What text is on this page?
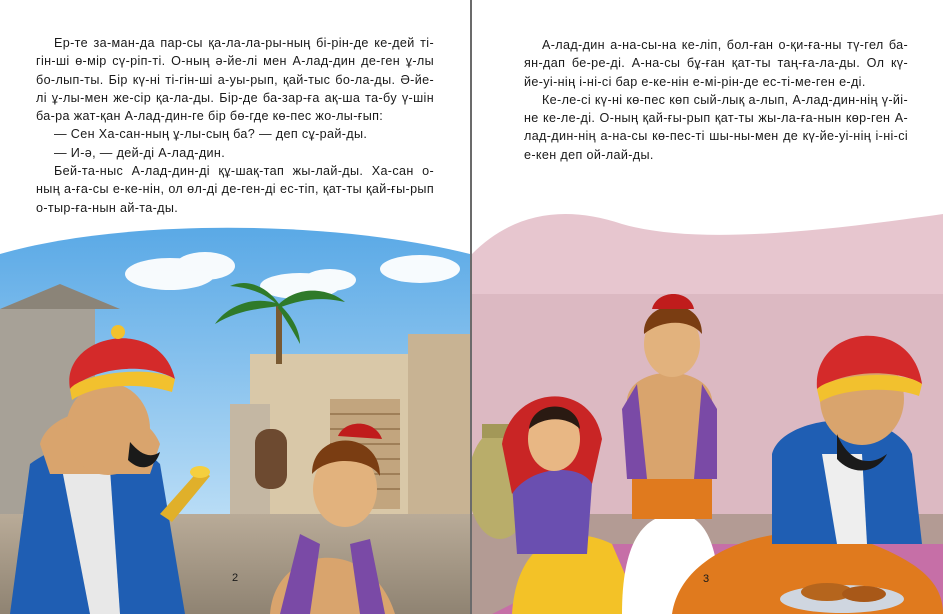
Ер-те за-ман-да пар-сы қа-ла-ла-ры-ның бі-рін-де ке-дей ті-гін-ші ө-мір сү-ріп-ті. О-ның ә-йе-лі мен А-лад-дин де-ген ұ-лы бо-лып-ты. Бір кү-ні ті-гін-ші а-уы-рып, қай-тыс бо-ла-ды. Ә-йе-лі ұ-лы-мен же-сір қа-ла-ды. Бір-де ба-зар-ға ақ-ша та-бу ү-шін ба-ра жат-қан А-лад-дин-ге бір бө-где кө-пес жо-лы-ғып:

— Сен Ха-сан-ның ұ-лы-сың ба? — деп сұ-рай-ды.

— И-ә, — дей-ді А-лад-дин.

Бей-та-ныс А-лад-дин-ді құ-шақ-тап жы-лай-ды. Ха-сан о-ның а-ға-сы е-ке-нін, ол өл-ді де-ген-ді ес-тіп, қат-ты қай-ғы-рып о-тыр-ға-нын ай-та-ды.

2

А-лад-дин а-на-сы-на ке-ліп, бол-ған о-қи-ға-ны тү-гел ба-ян-дап бе-ре-ді. А-на-сы бұ-ған қат-ты таң-ға-ла-ды. Ол кү-йе-уі-нің і-ні-сі бар е-ке-нін е-мі-рін-де ес-ті-ме-ген е-ді.

Ке-ле-сі кү-ні кө-пес көп сый-лық а-лып, А-лад-дин-нің ү-йі-не ке-ле-ді. О-ның қай-ғы-рып қат-ты жы-ла-ға-нын көр-ген А-лад-дин-нің а-на-сы кө-пес-ті шы-ны-мен де кү-йе-уі-нің і-ні-сі е-кен деп ой-лай-ды.

3
